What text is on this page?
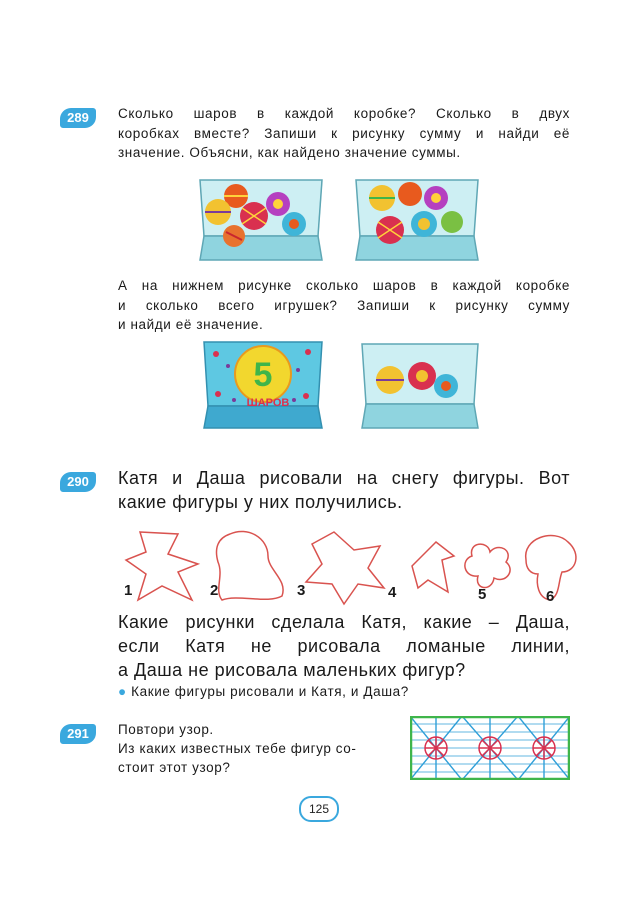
289	Сколько шаров в каждой коробке? Сколько в двух
коробках вместе? Запиши к рисунку сумму и найди её
значение. Объясни, как найдено значение суммы.
А на нижнем рисунке сколько шаров в каждой коробке
и сколько всего игрушек? Запиши к рисунку сумму
и найди её значение.
5
ШАРОВ
290	Катя и Даша рисовали на снегу фигуры. Вот
какие фигуры у них получились.
1	2	3	4	5	6
Какие рисунки сделала Катя, какие – Даша,
если Катя не рисовала ломаные линии,
а Даша не рисовала маленьких фигур?
● Какие фигуры рисовали и Катя, и Даша?
291	Повтори узор.
Из каких известных тебе фигур со-
стоит этот узор?
125
